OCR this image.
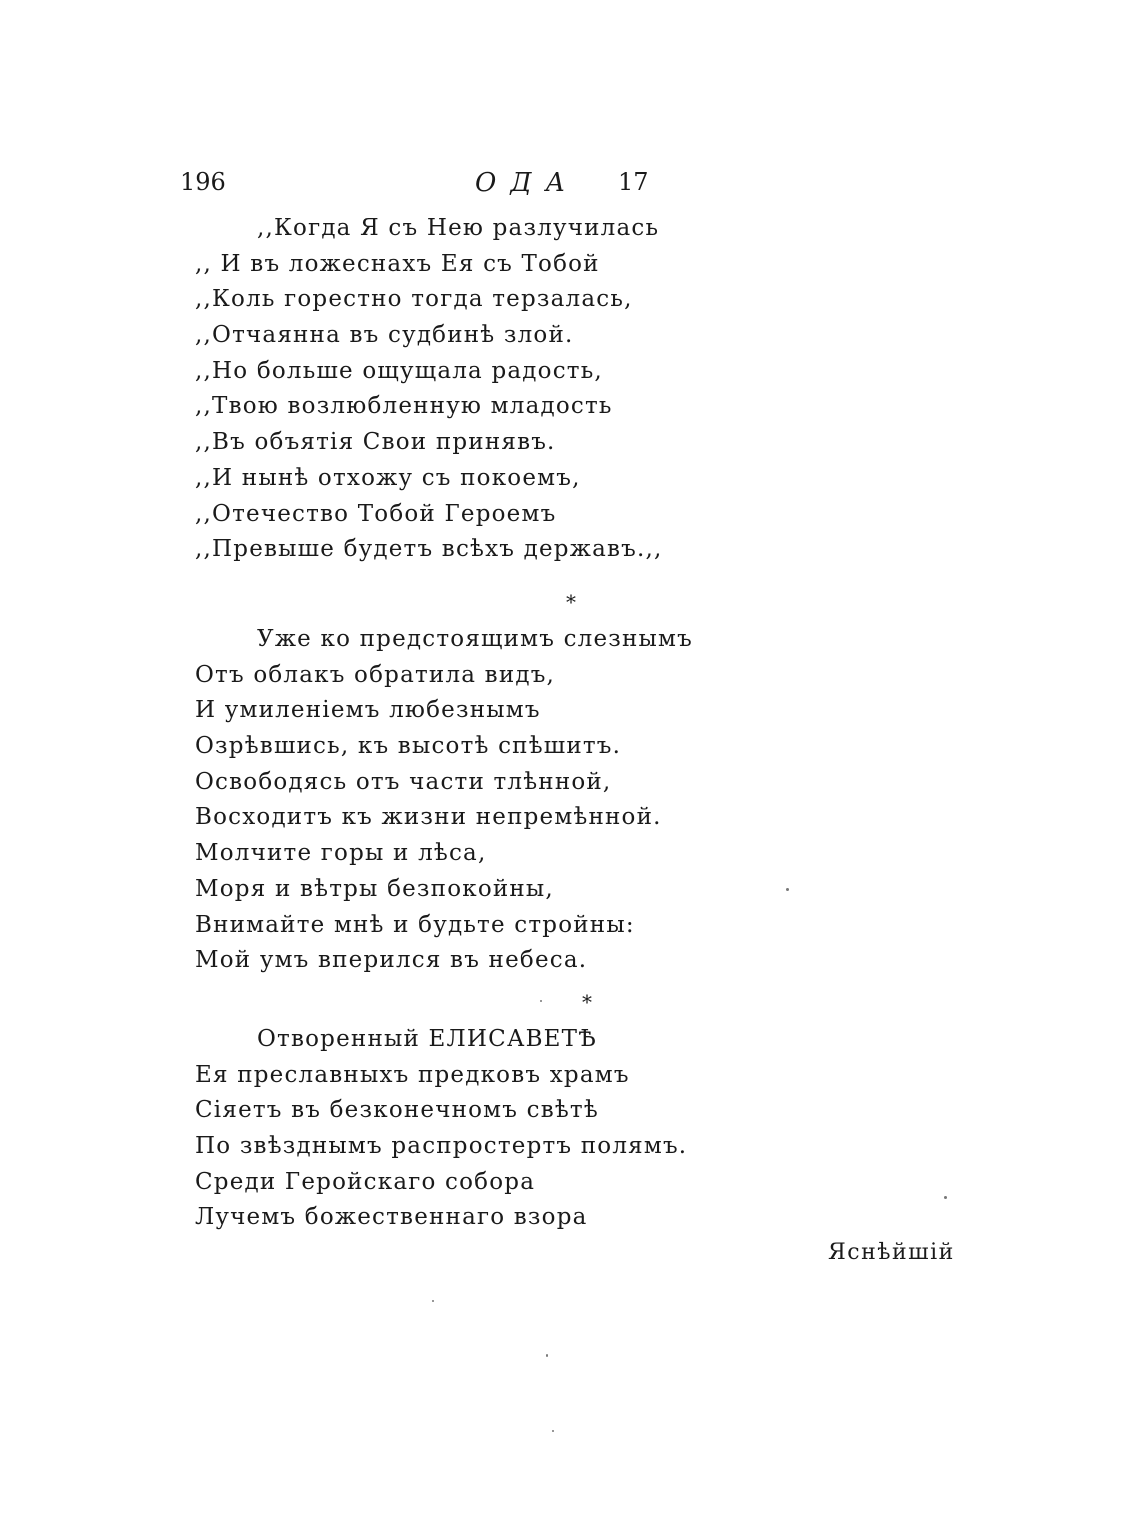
196	ОДА 17
,,Когда Я съ Нею разлучилась
,, И въ ложеснахъ Ея съ Тобой
,,Коль горестно тогда терзалась,
,,Отчаянна въ судбинѣ злой.
,,Но больше ощущала радость,
,,Твою возлюбленную младость
,,Въ объятія Свои принявъ.
,,И нынѣ отхожу съ покоемъ,
,,Отечество Тобой Героемъ
,,Превыше будетъ всѣхъ державъ.,,
*
Уже ко предстоящимъ слезнымъ
Отъ облакъ обратила видъ,
И умиленіемъ любезнымъ
Озрѣвшись, къ высотѣ спѣшитъ.
Освободясь отъ части тлѣнной,
Восходитъ къ жизни непремѣнной.
Молчите горы и лѣса,
Моря и вѣтры безпокойны,
Внимайте мнѣ и будьте стройны:
Мой умъ вперился въ небеса.
*
Отворенный ЕЛИСАВЕТѢ
Ея преславныхъ предковъ храмъ
Сіяетъ въ безконечномъ свѣтѣ
По звѣзднымъ распростертъ полямъ.
Среди Геройскаго собора
Лучемъ божественнаго взора
Яснѣйшій
